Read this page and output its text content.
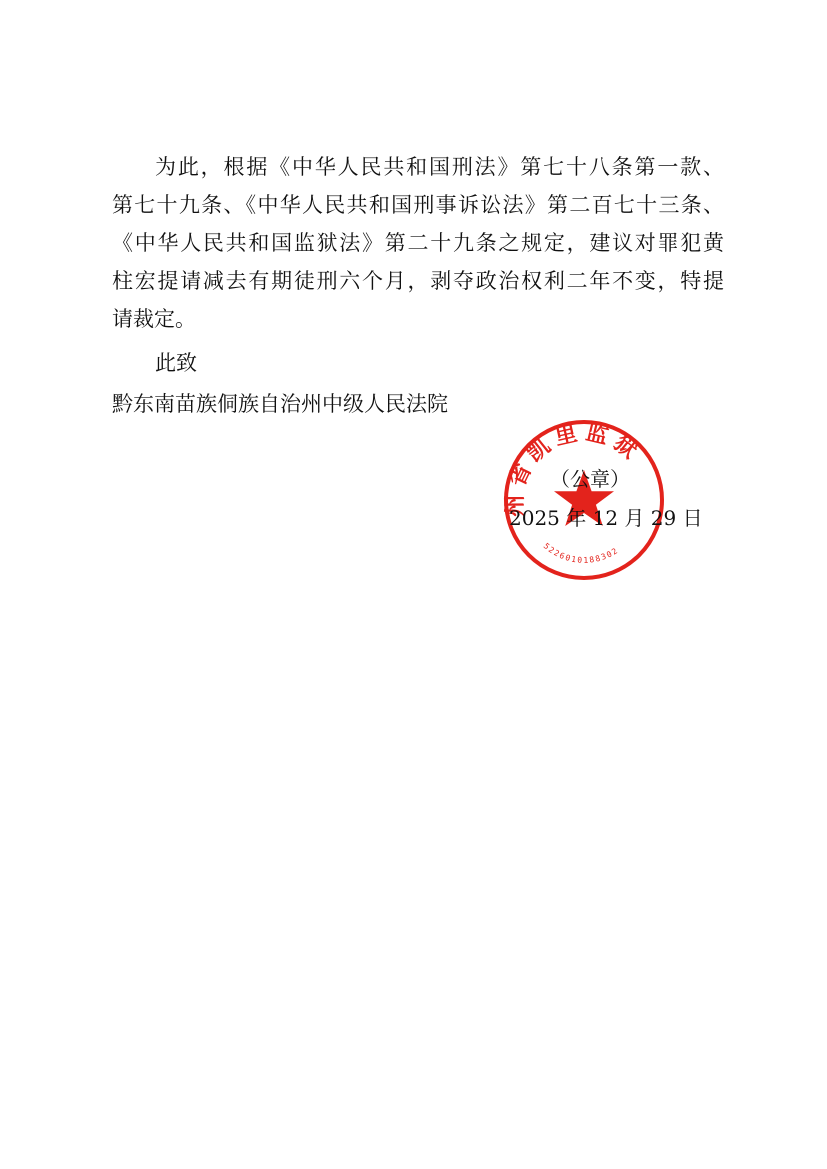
为此，根据《中华人民共和国刑法》第七十八条第一款、
第七十九条、《中华人民共和国刑事诉讼法》第二百七十三条、
《中华人民共和国监狱法》第二十九条之规定，建议对罪犯黄
柱宏提请减去有期徒刑六个月，剥夺政治权利二年不变，特提
请裁定。
此致
黔东南苗族侗族自治州中级人民法院
州省凯里监狱
5226010188302
（公章）
2025 年 12 月 29 日
